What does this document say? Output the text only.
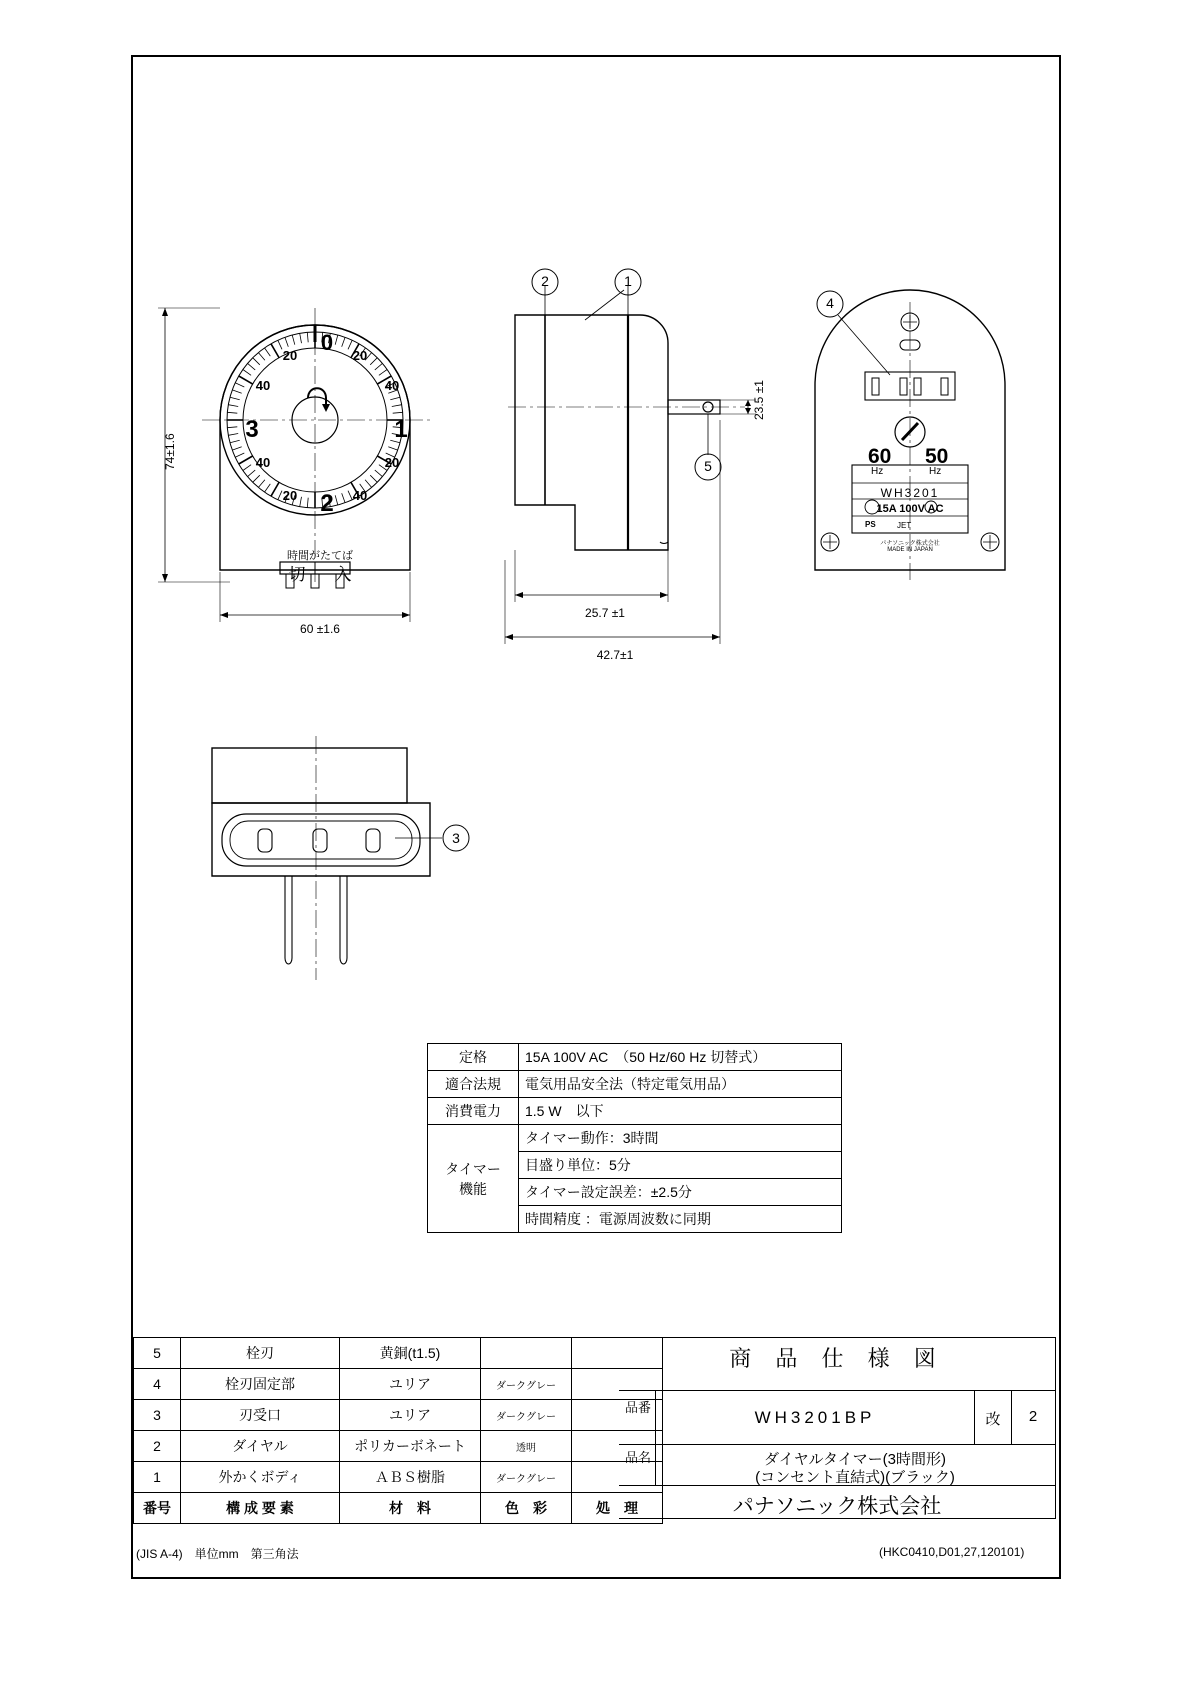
0
3
2
1
20	20
40	40
40	20
20	40
時間がたてば
切	入
74±1.6
60 ±1.6
2	1
5
23.5 ±1
25.7 ±1
42.7±1
4
60
Hz
50
Hz
WH3201
15A 100V AC
PS	JET
パナソニック株式会社
MADE IN JAPAN
3
定格	15A 100V AC　（50 Hz/60 Hz 切替式）
適合法規	電気用品安全法（特定電気用品）
消費電力	1.5 W　以下

タイマー
機能	タイマー動作：3時間
	目盛り単位：5分
	タイマー設定誤差：±2.5分
	時間精度 ：電源周波数に同期
5	栓刃	黄銅(t1.5)		
4	栓刃固定部	ユリア	ダークグレー	
3	刃受口	ユリア	ダークグレー	
2	ダイヤル	ポリカーボネート	透明	
1	外かくボディ	ＡＢＳ樹脂	ダークグレー	
番号	構 成 要 素	材　料	色　彩	処　理
商 品 仕 様 図
品番
WH3201BP	改	2
品名	ダイヤルタイマー(3時間形)
(コンセント直結式)(ブラック)
パナソニック株式会社
(JIS A-4)　単位mm　第三角法	(HKC0410,D01,27,120101)
